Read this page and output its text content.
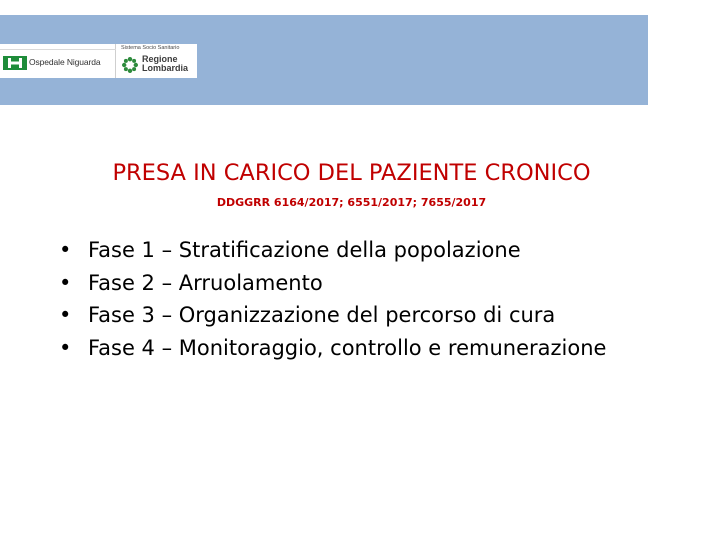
Ospedale Niguarda
Sistema Socio Sanitario
Regione
Lombardia
PRESA IN CARICO DEL PAZIENTE CRONICO
DDGGRR 6164/2017; 6551/2017; 7655/2017
• Fase 1 – Stratificazione della popolazione
• Fase 2 – Arruolamento
• Fase 3 – Organizzazione del percorso di cura
• Fase 4 – Monitoraggio, controllo e remunerazione
